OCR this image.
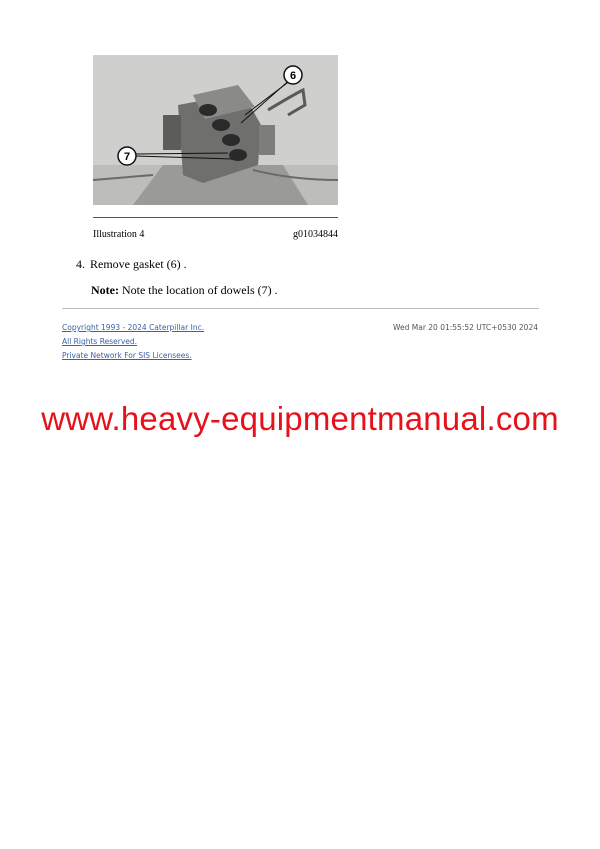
6
7
Illustration 4	g01034844
4. Remove gasket (6) .
Note: Note the location of dowels (7) .
Copyright 1993 - 2024 Caterpillar Inc.
All Rights Reserved.
Private Network For SIS Licensees.
Wed Mar 20 01:55:52 UTC+0530 2024
www.heavy-equipmentmanual.com
